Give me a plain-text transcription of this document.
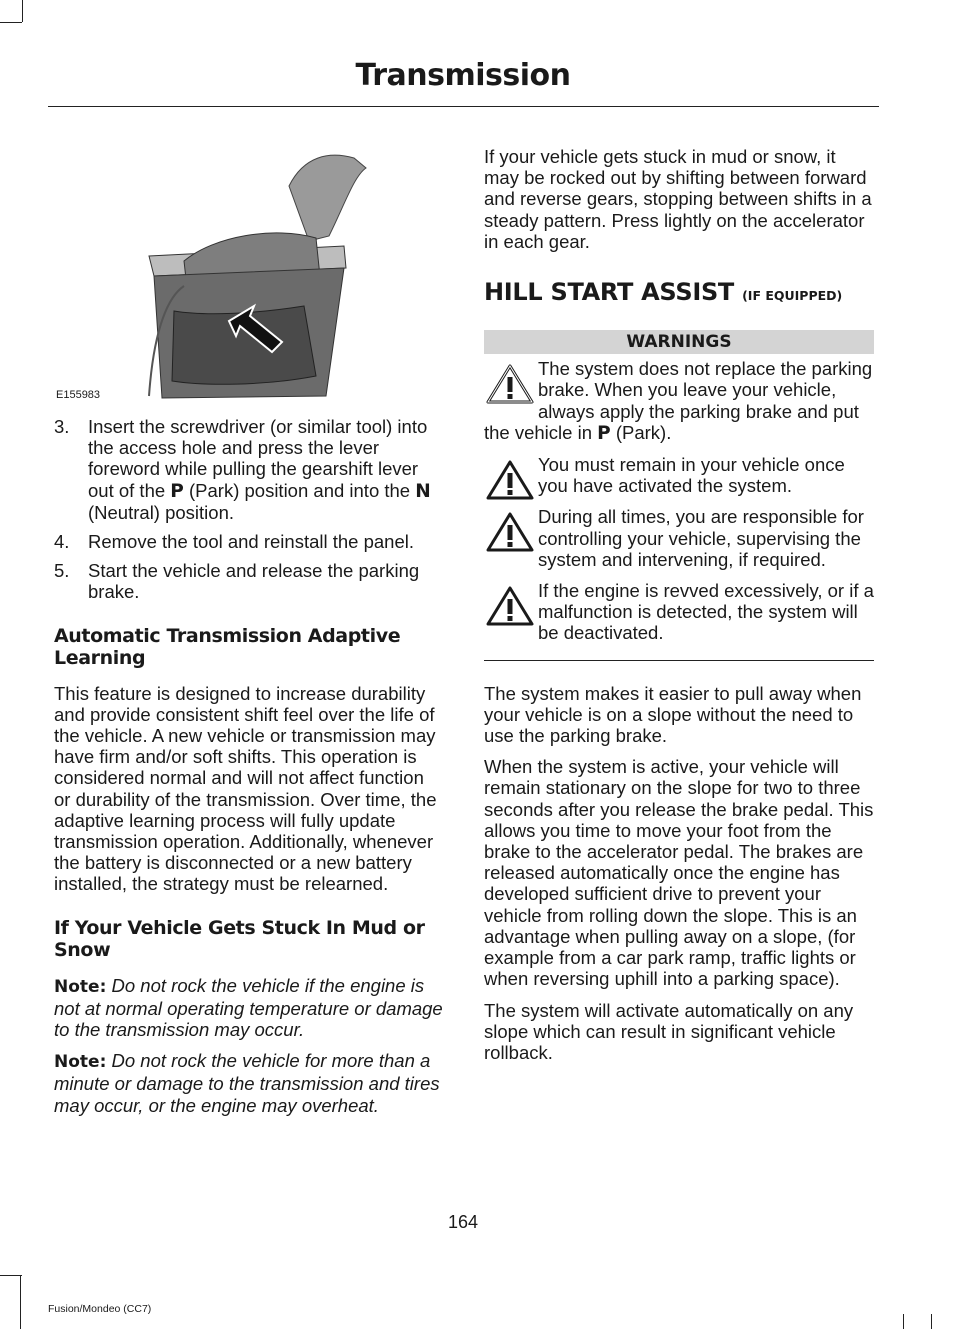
Transmission
E155983
3.	Insert the screwdriver (or similar tool) into the access hole and press the lever foreword while pulling the gearshift lever out of the P (Park) position and into the N (Neutral) position.
4.	Remove the tool and reinstall the panel.
5.	Start the vehicle and release the parking brake.
Automatic Transmission Adaptive Learning

This feature is designed to increase durability and provide consistent shift feel over the life of the vehicle. A new vehicle or transmission may have firm and/or soft shifts. This operation is considered normal and will not affect function or durability of the transmission. Over time, the adaptive learning process will fully update transmission operation. Additionally, whenever the battery is disconnected or a new battery installed, the strategy must be relearned.

If Your Vehicle Gets Stuck In Mud or Snow

Note: Do not rock the vehicle if the engine is not at normal operating temperature or damage to the transmission may occur.

Note: Do not rock the vehicle for more than a minute or damage to the transmission and tires may occur, or the engine may overheat.

If your vehicle gets stuck in mud or snow, it may be rocked out by shifting between forward and reverse gears, stopping between shifts in a steady pattern. Press lightly on the accelerator in each gear.

HILL START ASSIST (IF EQUIPPED)
WARNINGS
The system does not replace the parking brake. When you leave your vehicle, always apply the parking brake and put the vehicle in P (Park).
You must remain in your vehicle once you have activated the system.
During all times, you are responsible for controlling your vehicle, supervising the system and intervening, if required.
If the engine is revved excessively, or if a malfunction is detected, the system will be deactivated.

The system makes it easier to pull away when your vehicle is on a slope without the need to use the parking brake.

When the system is active, your vehicle will remain stationary on the slope for two to three seconds after you release the brake pedal. This allows you time to move your foot from the brake to the accelerator pedal. The brakes are released automatically once the engine has developed sufficient drive to prevent your vehicle from rolling down the slope. This is an advantage when pulling away on a slope, (for example from a car park ramp, traffic lights or when reversing uphill into a parking space).

The system will activate automatically on any slope which can result in significant vehicle rollback.

164
Fusion/Mondeo (CC7)
